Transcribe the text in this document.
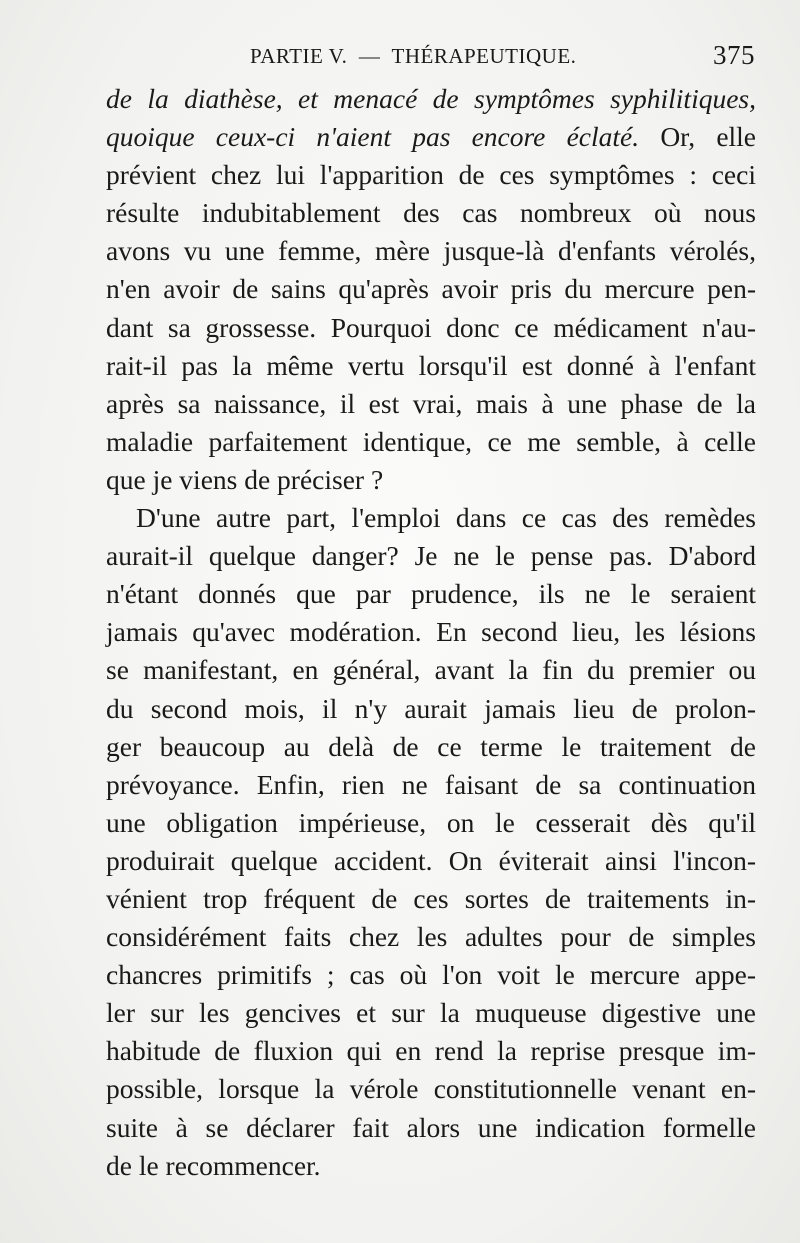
PARTIE V.  —  THÉRAPEUTIQUE.	375
de la diathèse, et menacé de symptômes syphilitiques,
quoique ceux-ci n'aient pas encore éclaté. Or, elle
prévient chez lui l'apparition de ces symptômes : ceci
résulte indubitablement des cas nombreux où nous
avons vu une femme, mère jusque-là d'enfants vérolés,
n'en avoir de sains qu'après avoir pris du mercure pen-
dant sa grossesse. Pourquoi donc ce médicament n'au-
rait-il pas la même vertu lorsqu'il est donné à l'enfant
après sa naissance, il est vrai, mais à une phase de la
maladie parfaitement identique, ce me semble, à celle
que je viens de préciser ?
D'une autre part, l'emploi dans ce cas des remèdes
aurait-il quelque danger? Je ne le pense pas. D'abord
n'étant donnés que par prudence, ils ne le seraient
jamais qu'avec modération. En second lieu, les lésions
se manifestant, en général, avant la fin du premier ou
du second mois, il n'y aurait jamais lieu de prolon-
ger beaucoup au delà de ce terme le traitement de
prévoyance. Enfin, rien ne faisant de sa continuation
une obligation impérieuse, on le cesserait dès qu'il
produirait quelque accident. On éviterait ainsi l'incon-
vénient trop fréquent de ces sortes de traitements in-
considérément faits chez les adultes pour de simples
chancres primitifs ; cas où l'on voit le mercure appe-
ler sur les gencives et sur la muqueuse digestive une
habitude de fluxion qui en rend la reprise presque im-
possible, lorsque la vérole constitutionnelle venant en-
suite à se déclarer fait alors une indication formelle
de le recommencer.
